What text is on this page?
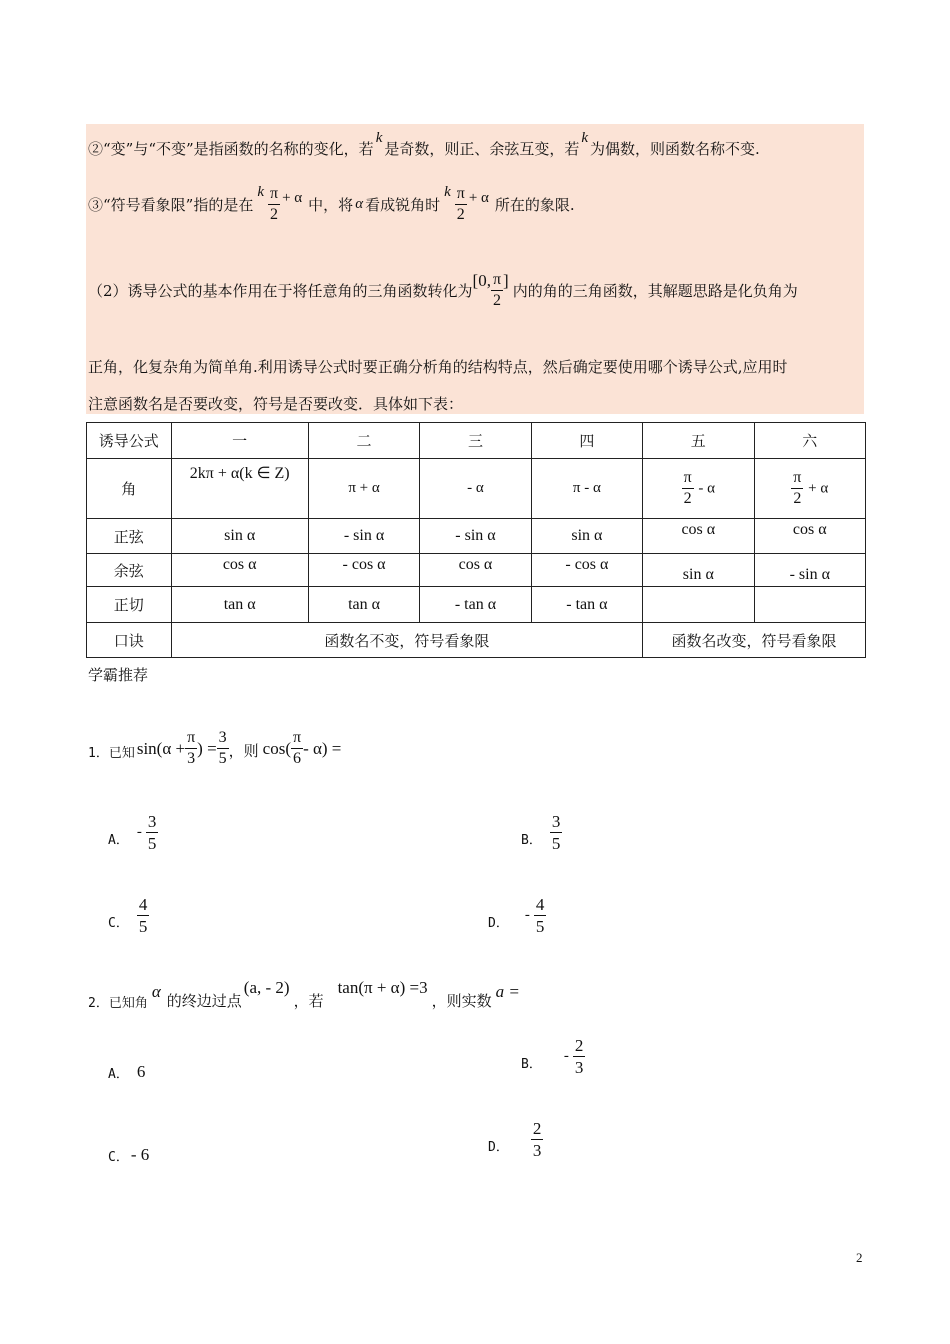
②“变”与“不变”是指函数的名称的变化，若
k
是奇数，则正、余弦互变，若
k
为偶数，则函数名称不变.
③“符号看象限”指的是在
k $\frac{\pi}{2} + \alpha$ 中，将 α 看成锐角时
k $\frac{\pi}{2} + \alpha$ 所在的象限.
（2）诱导公式的基本作用在于将任意角的三角函数转化为
[0, $\frac{\pi}{2}$ ]
内的角的三角函数，其解题思路是化负角为
正角，化复杂角为简单角.利用诱导公式时要正确分析角的结构特点，然后确定要使用哪个诱导公式,应用时
注意函数名是否要改变，符号是否要改变．具体如下表：
诱导公式	一	二	三	四	五	六
角	2kπ + α(k ∈ Z)	π + α	- α	π - α	$\frac{\pi}{2}$ - α	$\frac{\pi}{2} + \alpha$
正弦	sin α	- sin α	- sin α	sin α	cos α	cos α
余弦	cos α	- cos α	cos α	- cos α	sin α	- sin α
正切	tan α	tan α	- tan α	- tan α		
口诀	函数名不变，符号看象限				函数名改变，符号看象限	
学霸推荐
1．已知 $\sin(\alpha + \frac{\pi}{3}$ ) = $\frac{3}{5}$ ，则 $\cos( \frac{\pi}{6} - \alpha)$ =
A．
- $\frac{3}{5}$	B． $\frac{3}{5}$
C． $\frac{4}{5}$	D．
- $\frac{4}{5}$
2．已知角
α 的终边过点
(a, - 2)
，若
tan(π + α) =3
，则实数 a =
A． 6	B．
- $\frac{2}{3}$
C． - 6	D． $\frac{2}{3}$
2
